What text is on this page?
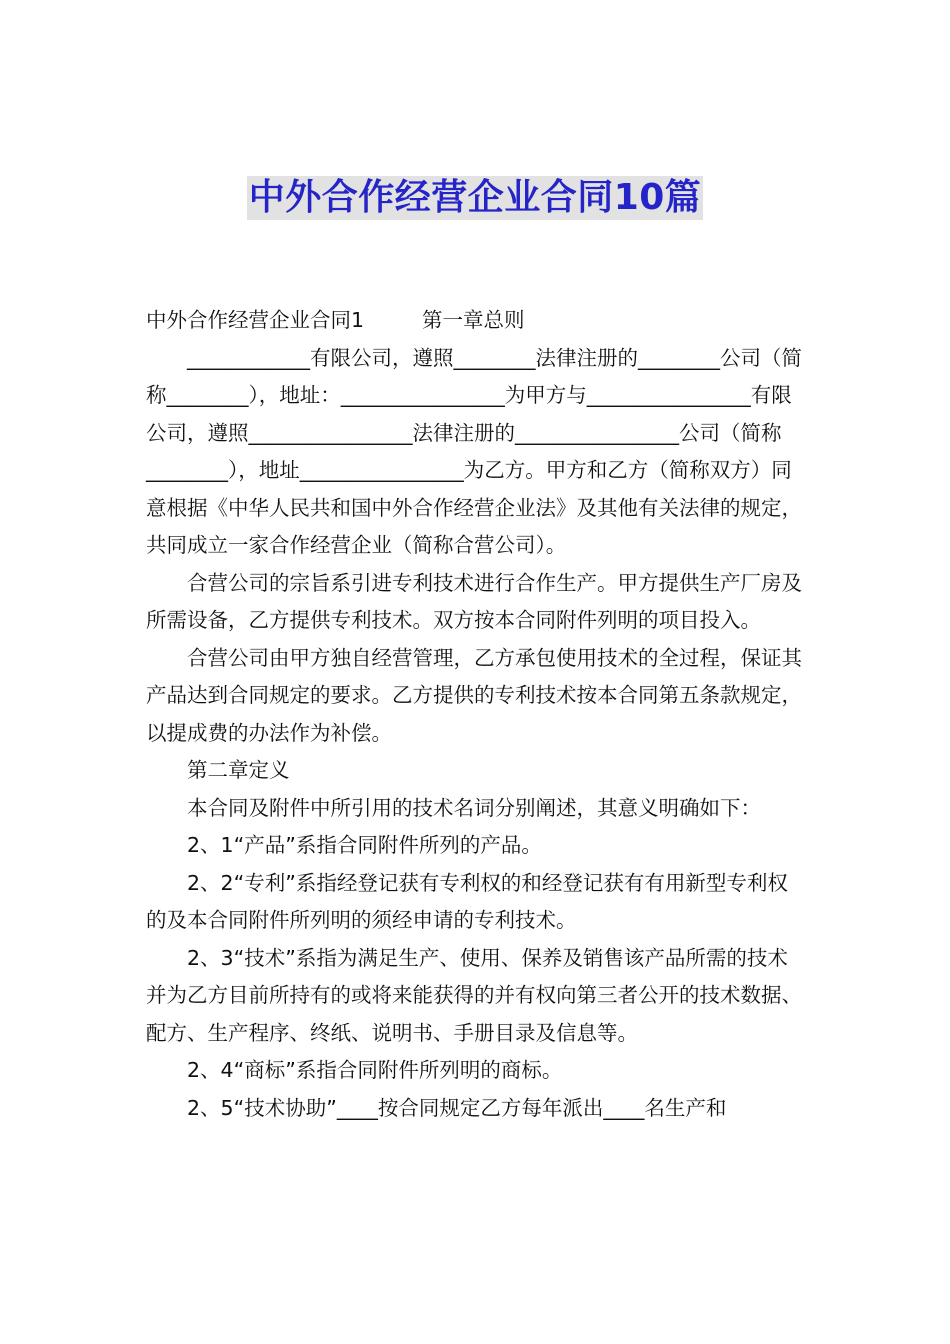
中外合作经营企业合同10篇

中外合作经营企业合同1	第一章总则

____________有限公司，遵照________法律注册的________公司（简称________），地址：________________为甲方与________________有限公司，遵照________________法律注册的________________公司（简称________），地址________________为乙方。甲方和乙方（简称双方）同意根据《中华人民共和国中外合作经营企业法》及其他有关法律的规定，共同成立一家合作经营企业（简称合营公司）。

合营公司的宗旨系引进专利技术进行合作生产。甲方提供生产厂房及所需设备，乙方提供专利技术。双方按本合同附件列明的项目投入。

合营公司由甲方独自经营管理，乙方承包使用技术的全过程，保证其产品达到合同规定的要求。乙方提供的专利技术按本合同第五条款规定，以提成费的办法作为补偿。

第二章定义

本合同及附件中所引用的技术名词分别阐述，其意义明确如下：

2、1“产品”系指合同附件所列的产品。

2、2“专利”系指经登记获有专利权的和经登记获有有用新型专利权的及本合同附件所列明的须经申请的专利技术。

2、3“技术”系指为满足生产、使用、保养及销售该产品所需的技术并为乙方目前所持有的或将来能获得的并有权向第三者公开的技术数据、配方、生产程序、终纸、说明书、手册目录及信息等。

2、4“商标”系指合同附件所列明的商标。

2、5“技术协助”____按合同规定乙方每年派出____名生产和
